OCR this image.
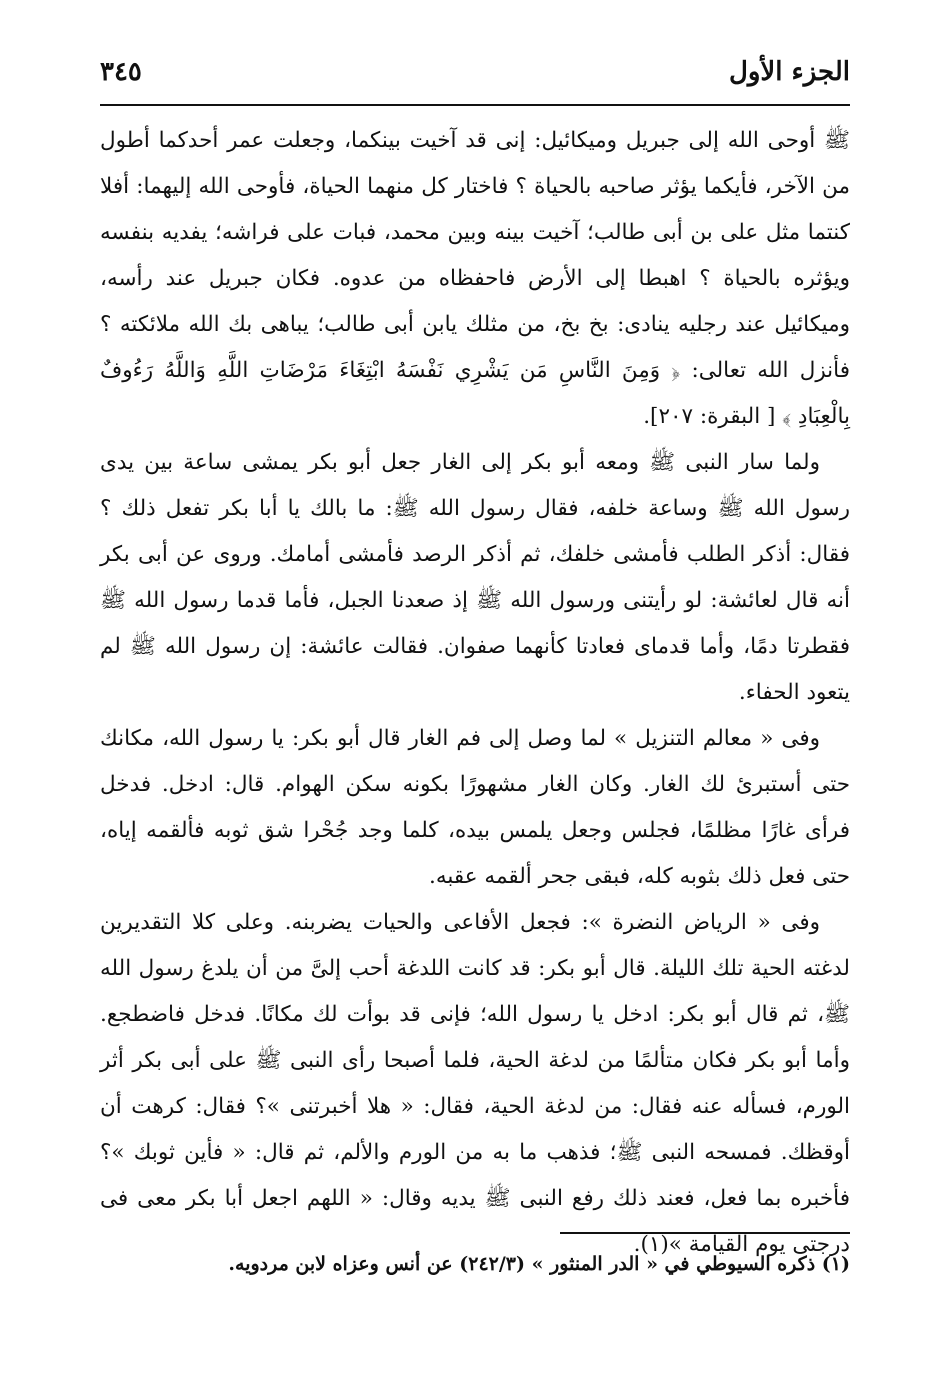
الجزء الأول
٣٤٥

ﷺ أوحى الله إلى جبريل وميكائيل: إنى قد آخيت بينكما، وجعلت عمر أحدكما أطول من الآخر، فأيكما يؤثر صاحبه بالحياة ؟ فاختار كل منهما الحياة، فأوحى الله إليهما: أفلا كنتما مثل على بن أبى طالب؛ آخيت بينه وبين محمد، فبات على فراشه؛ يفديه بنفسه ويؤثره بالحياة ؟ اهبطا إلى الأرض فاحفظاه من عدوه. فكان جبريل عند رأسه، وميكائيل عند رجليه ينادى: بخ بخ، من مثلك يابن أبى طالب؛ يباهى بك الله ملائكته ؟ فأنزل الله تعالى: ﴿ وَمِنَ النَّاسِ مَن يَشْرِي نَفْسَهُ ابْتِغَاءَ مَرْضَاتِ اللَّهِ وَاللَّهُ رَءُوفٌ بِالْعِبَادِ ﴾ [ البقرة: ٢٠٧].

ولما سار النبى ﷺ ومعه أبو بكر إلى الغار جعل أبو بكر يمشى ساعة بين يدى رسول الله ﷺ وساعة خلفه، فقال رسول الله ﷺ: ما بالك يا أبا بكر تفعل ذلك ؟ فقال: أذكر الطلب فأمشى خلفك، ثم أذكر الرصد فأمشى أمامك. وروى عن أبى بكر أنه قال لعائشة: لو رأيتنى ورسول الله ﷺ إذ صعدنا الجبل، فأما قدما رسول الله ﷺ فقطرتا دمًا، وأما قدماى فعادتا كأنهما صفوان. فقالت عائشة: إن رسول الله ﷺ لم يتعود الحفاء.

وفى « معالم التنزيل » لما وصل إلى فم الغار قال أبو بكر: يا رسول الله، مكانك حتى أستبرئ لك الغار. وكان الغار مشهورًا بكونه سكن الهوام. قال: ادخل. فدخل فرأى غارًا مظلمًا، فجلس وجعل يلمس بيده، كلما وجد جُحْرا شق ثوبه فألقمه إياه، حتى فعل ذلك بثوبه كله، فبقى جحر ألقمه عقبه.

وفى « الرياض النضرة »: فجعل الأفاعى والحيات يضربنه. وعلى كلا التقديرين لدغته الحية تلك الليلة. قال أبو بكر: قد كانت اللدغة أحب إلىَّ من أن يلدغ رسول الله ﷺ، ثم قال أبو بكر: ادخل يا رسول الله؛ فإنى قد بوأت لك مكانًا. فدخل فاضطجع. وأما أبو بكر فكان متألمًا من لدغة الحية، فلما أصبحا رأى النبى ﷺ على أبى بكر أثر الورم، فسأله عنه فقال: من لدغة الحية، فقال: « هلا أخبرتنى »؟ فقال: كرهت أن أوقظك. فمسحه النبى ﷺ؛ فذهب ما به من الورم والألم، ثم قال: « فأين ثوبك »؟ فأخبره بما فعل، فعند ذلك رفع النبى ﷺ يديه وقال: « اللهم اجعل أبا بكر معى فى درجتى يوم القيامة »(١).

(١) ذكره السيوطي في « الدر المنثور » (٢٤٢/٣) عن أنس وعزاه لابن مردويه.
